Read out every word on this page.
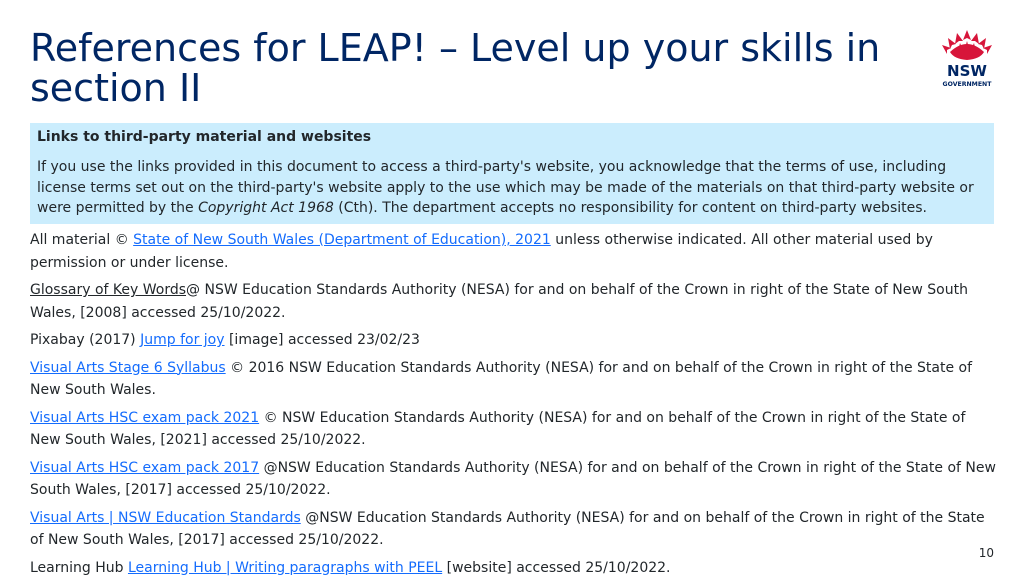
References for LEAP! – Level up your skills in section II	NSW
GOVERNMENT

Links to third-party material and websites

If you use the links provided in this document to access a third-party's website, you acknowledge that the terms of use, including license terms set out on the third-party's website apply to the use which may be made of the materials on that third-party website or were permitted by the Copyright Act 1968 (Cth). The department accepts no responsibility for content on third-party websites.

All material © State of New South Wales (Department of Education), 2021 unless otherwise indicated. All other material used by permission or under license.

Glossary of Key Words@ NSW Education Standards Authority (NESA) for and on behalf of the Crown in right of the State of New South Wales, [2008] accessed 25/10/2022.

Pixabay (2017) Jump for joy [image] accessed 23/02/23

Visual Arts Stage 6 Syllabus © 2016 NSW Education Standards Authority (NESA) for and on behalf of the Crown in right of the State of New South Wales.

Visual Arts HSC exam pack 2021 © NSW Education Standards Authority (NESA) for and on behalf of the Crown in right of the State of New South Wales, [2021] accessed 25/10/2022.

Visual Arts HSC exam pack 2017 @NSW Education Standards Authority (NESA) for and on behalf of the Crown in right of the State of New South Wales, [2017] accessed 25/10/2022.

Visual Arts | NSW Education Standards @NSW Education Standards Authority (NESA) for and on behalf of the Crown in right of the State of New South Wales, [2017] accessed 25/10/2022.

Learning Hub Learning Hub | Writing paragraphs with PEEL [website] accessed 25/10/2022.

10
